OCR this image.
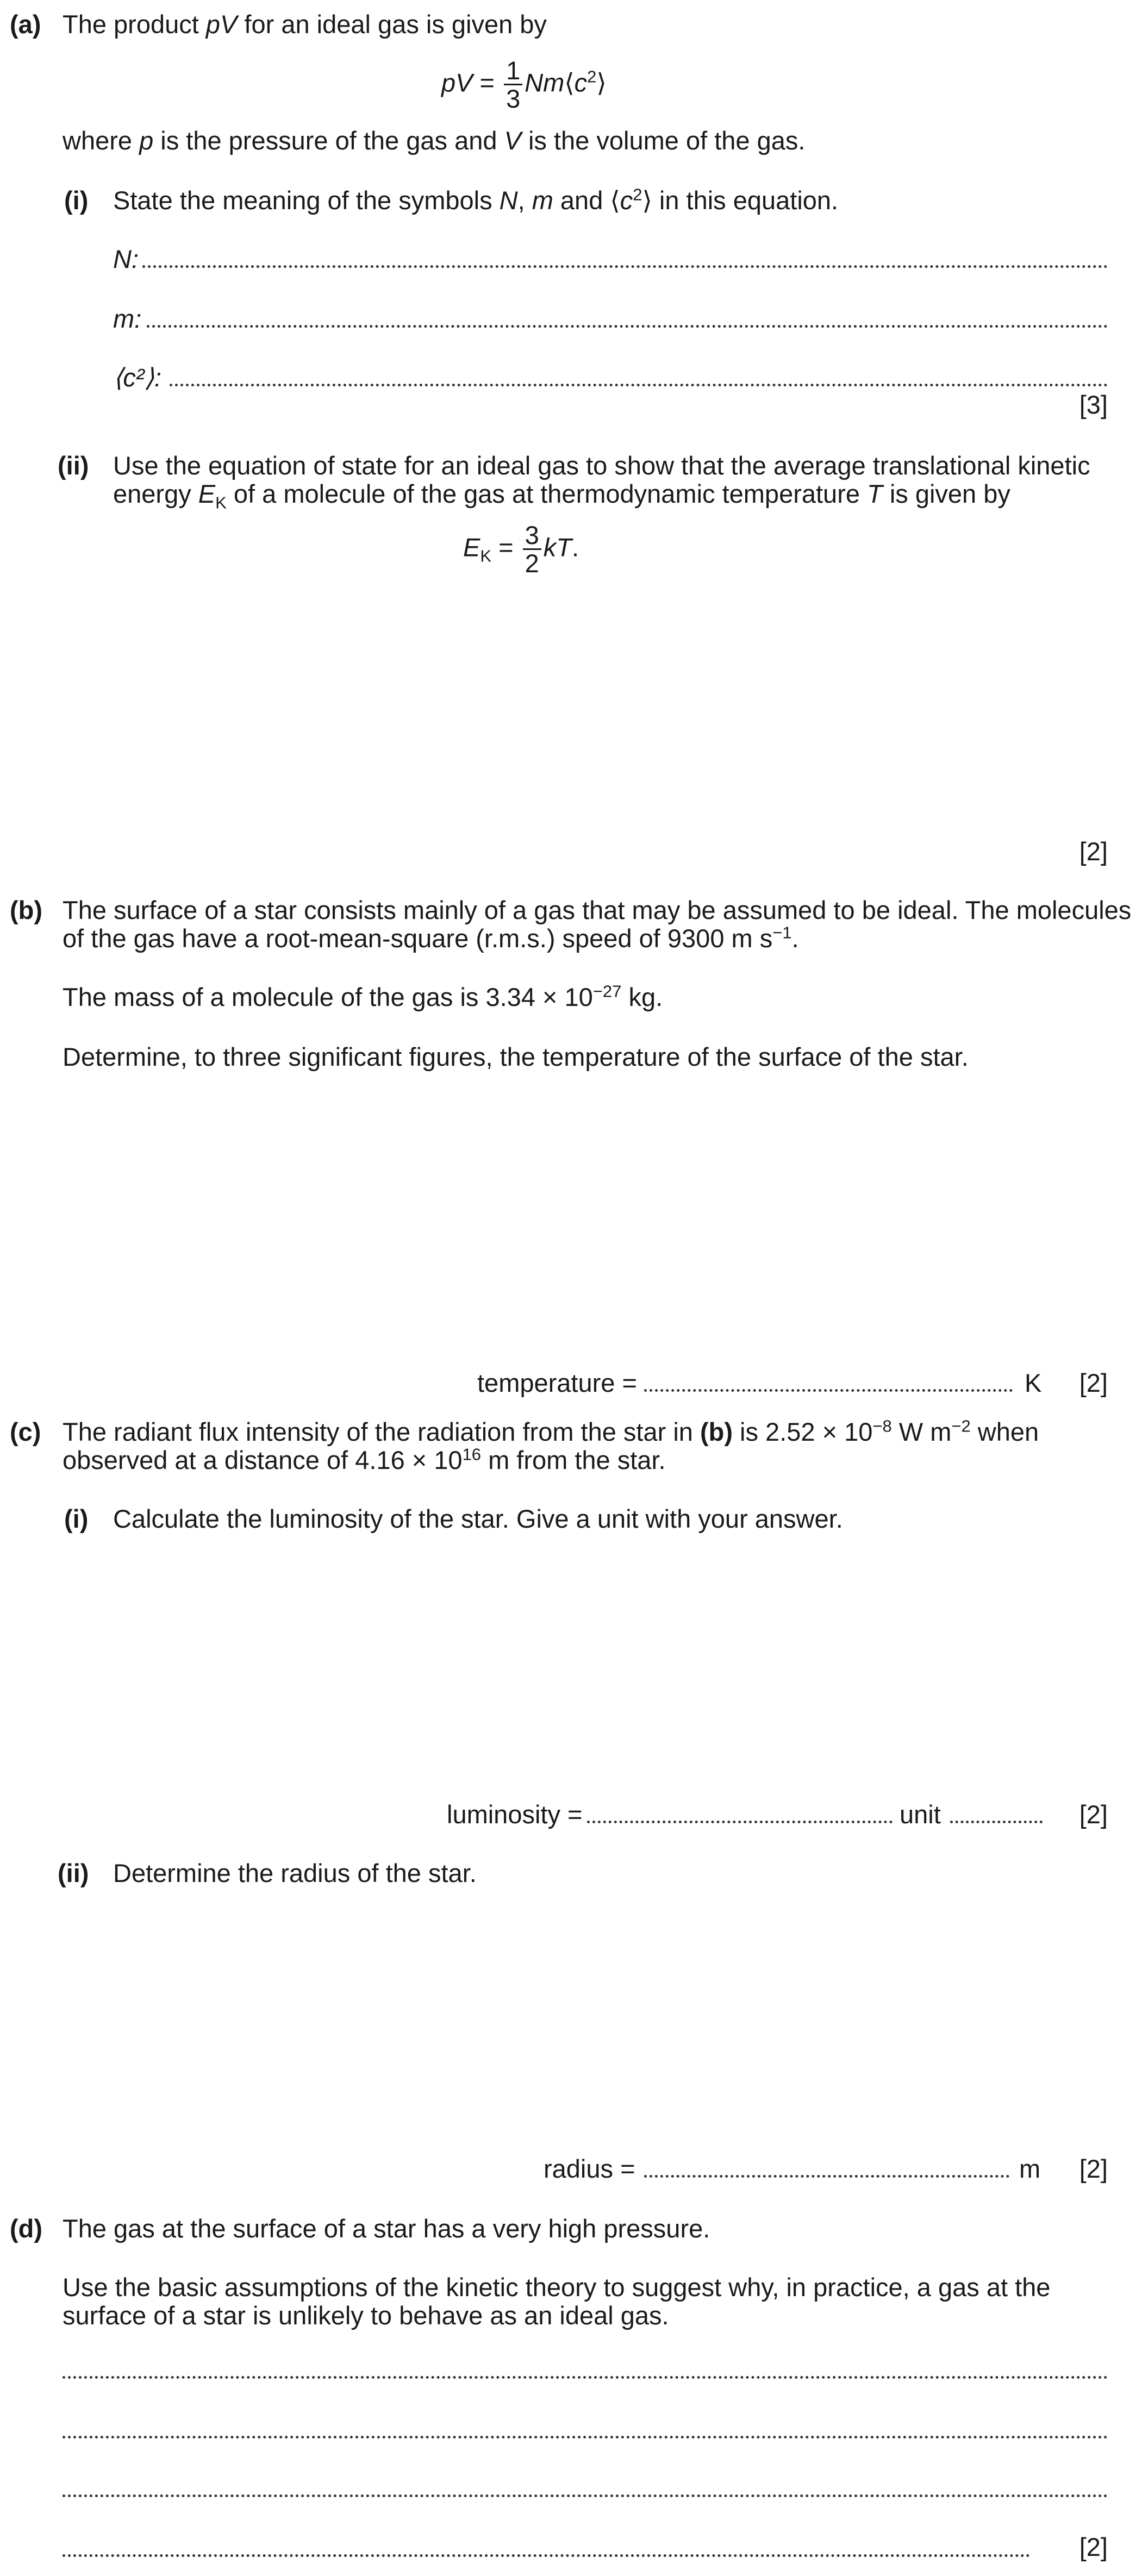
(a) The product pV for an ideal gas is given by
pV = $\frac{1}{3}$ $Nm⟨c^2⟩$
where p is the pressure of the gas and V is the volume of the gas.
(i) State the meaning of the symbols N, m and $⟨c^2⟩$ in this equation.
N:
m:
⟨c²⟩:
[3]
(ii) Use the equation of state for an ideal gas to show that the average translational kinetic
energy $E_K$ of a molecule of the gas at thermodynamic temperature T is given by
$E_K = \frac{3}{2}$ kT.
[2]
(b) The surface of a star consists mainly of a gas that may be assumed to be ideal. The molecules
of the gas have a root-mean-square (r.m.s.) speed of 9300 m $s^{-1}$.
The mass of a molecule of the gas is $3.34 \times 10^{-27}$ kg.
Determine, to three significant figures, the temperature of the surface of the star.
temperature =	K [2]
(c) The radiant flux intensity of the radiation from the star in (b) is $2.52 \times 10^{-8}$ W $m^{-2}$ when
observed at a distance of $4.16 \times 10^{16}$ m from the star.
(i) Calculate the luminosity of the star. Give a unit with your answer.
luminosity =	unit	[2]
(ii) Determine the radius of the star.
radius =	m [2]
(d) The gas at the surface of a star has a very high pressure.
Use the basic assumptions of the kinetic theory to suggest why, in practice, a gas at the
surface of a star is unlikely to behave as an ideal gas.
[2]
